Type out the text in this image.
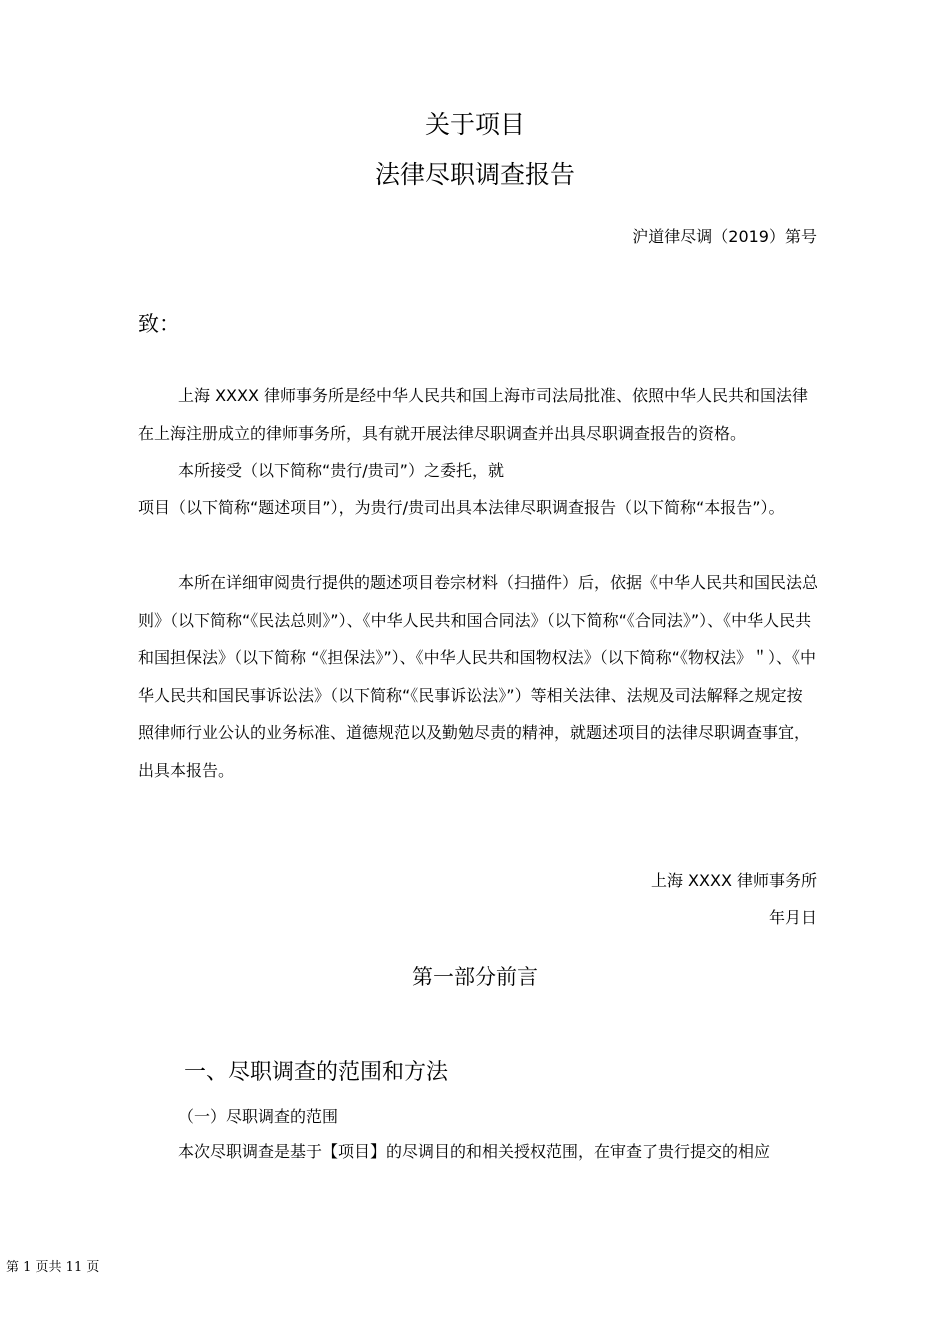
关于项目
法律尽职调查报告
沪道律尽调（2019）第号
致：

上海 XXXX 律师事务所是经中华人民共和国上海市司法局批准、依照中华人民共和国法律在上海注册成立的律师事务所，具有就开展法律尽职调查并出具尽职调查报告的资格。

本所接受（以下简称“贵行/贵司”）之委托，就

项目（以下简称“题述项目”），为贵行/贵司出具本法律尽职调查报告（以下简称“本报告”）。

本所在详细审阅贵行提供的题述项目卷宗材料（扫描件）后，依据《中华人民共和国民法总则》（以下简称“《民法总则》”）、《中华人民共和国合同法》（以下简称“《合同法》”）、《中华人民共和国担保法》（以下简称 “《担保法》”）、《中华人民共和国物权法》（以下简称“《物权法》＂）、《中华人民共和国民事诉讼法》（以下简称“《民事诉讼法》”）等相关法律、法规及司法解释之规定按照律师行业公认的业务标准、道德规范以及勤勉尽责的精神，就题述项目的法律尽职调查事宜，出具本报告。

上海 XXXX 律师事务所
年月日
第一部分前言
一、尽职调查的范围和方法
（一）尽职调查的范围
本次尽职调查是基于【项目】的尽调目的和相关授权范围，在审查了贵行提交的相应
第 1 页共 11 页
